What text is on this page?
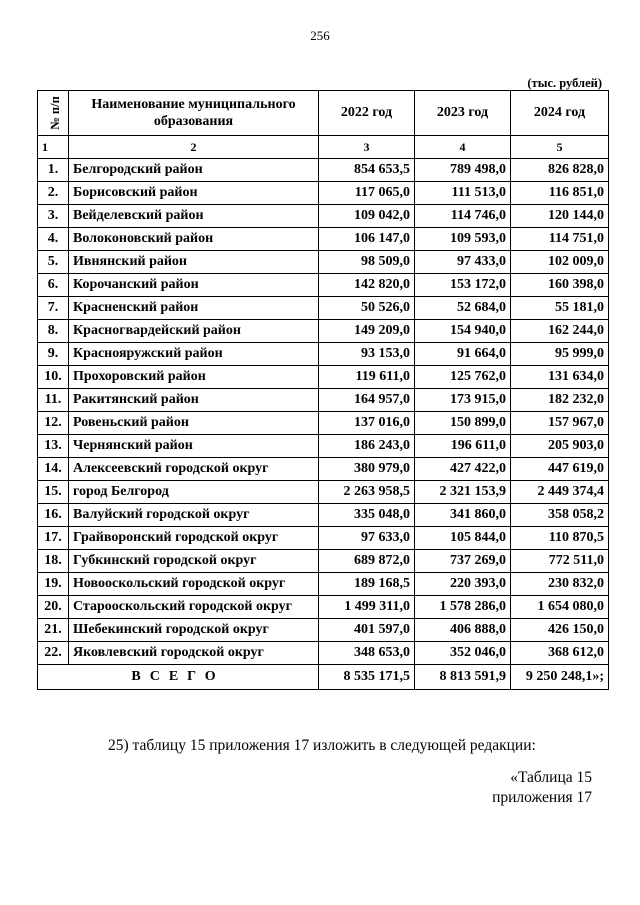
256
(тыс. рублей)
№ п/п	Наименование муниципального образования	2022 год	2023 год	2024 год
1	2	3	4	5
1.	Белгородский район	854 653,5	789 498,0	826 828,0
2.	Борисовский район	117 065,0	111 513,0	116 851,0
3.	Вейделевский район	109 042,0	114 746,0	120 144,0
4.	Волоконовский район	106 147,0	109 593,0	114 751,0
5.	Ивнянский район	98 509,0	97 433,0	102 009,0
6.	Корочанский район	142 820,0	153 172,0	160 398,0
7.	Красненский район	50 526,0	52 684,0	55 181,0
8.	Красногвардейский район	149 209,0	154 940,0	162 244,0
9.	Краснояружский район	93 153,0	91 664,0	95 999,0
10.	Прохоровский район	119 611,0	125 762,0	131 634,0
11.	Ракитянский район	164 957,0	173 915,0	182 232,0
12.	Ровеньский район	137 016,0	150 899,0	157 967,0
13.	Чернянский район	186 243,0	196 611,0	205 903,0
14.	Алексеевский городской округ	380 979,0	427 422,0	447 619,0
15.	город Белгород	2 263 958,5	2 321 153,9	2 449 374,4
16.	Валуйский городской округ	335 048,0	341 860,0	358 058,2
17.	Грайворонский городской округ	97 633,0	105 844,0	110 870,5
18.	Губкинский городской округ	689 872,0	737 269,0	772 511,0
19.	Новооскольский городской округ	189 168,5	220 393,0	230 832,0
20.	Старооскольский городской округ	1 499 311,0	1 578 286,0	1 654 080,0
21.	Шебекинский городской округ	401 597,0	406 888,0	426 150,0
22.	Яковлевский городской округ	348 653,0	352 046,0	368 612,0
ВСЕГО		8 535 171,5	8 813 591,9	9 250 248,1»;
25) таблицу 15 приложения 17 изложить в следующей редакции:
«Таблица 15
приложения 17
